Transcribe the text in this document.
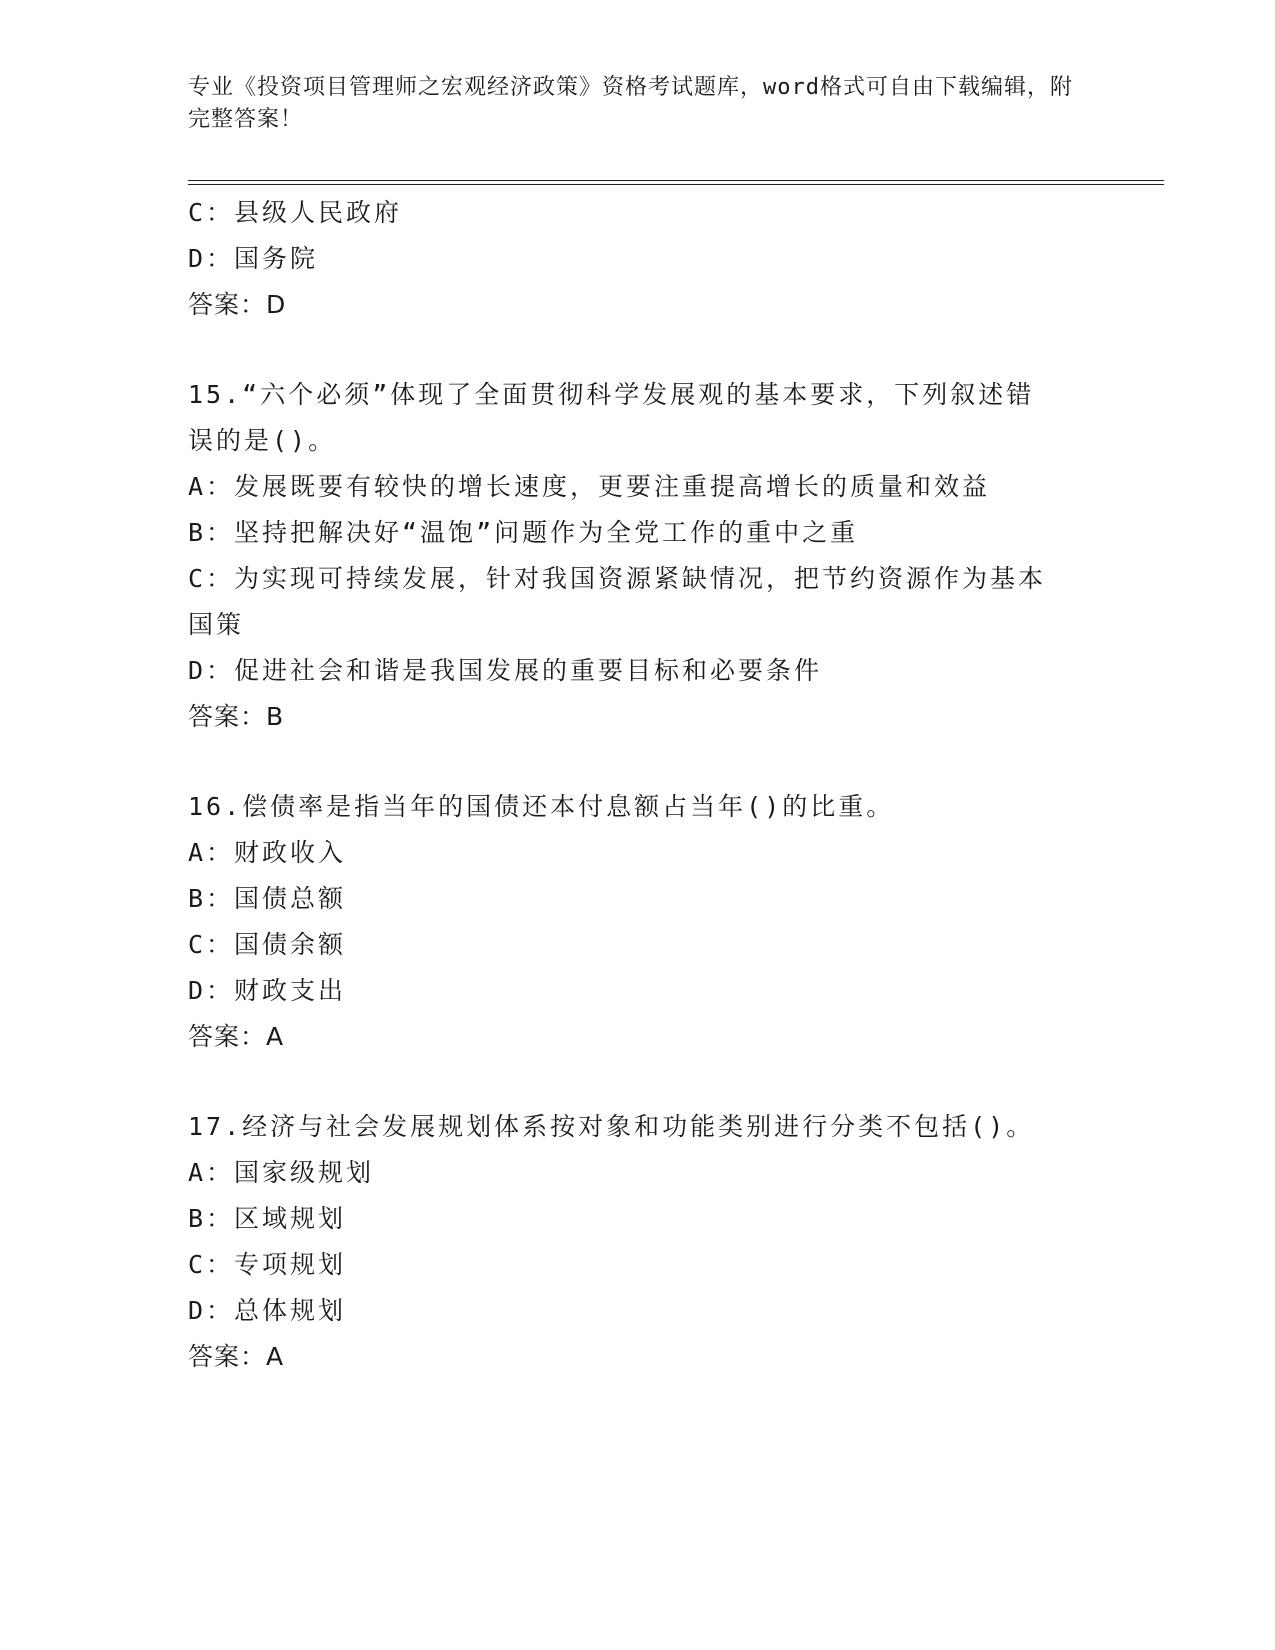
专业《投资项目管理师之宏观经济政策》资格考试题库，word格式可自由下载编辑，附完整答案！
C：县级人民政府
D：国务院
答案：D
15.“六个必须”体现了全面贯彻科学发展观的基本要求，下列叙述错
误的是()。
A：发展既要有较快的增长速度，更要注重提高增长的质量和效益
B：坚持把解决好“温饱”问题作为全党工作的重中之重
C：为实现可持续发展，针对我国资源紧缺情况，把节约资源作为基本
国策
D：促进社会和谐是我国发展的重要目标和必要条件
答案：B
16.偿债率是指当年的国债还本付息额占当年()的比重。
A：财政收入
B：国债总额
C：国债余额
D：财政支出
答案：A
17.经济与社会发展规划体系按对象和功能类别进行分类不包括()。
A：国家级规划
B：区域规划
C：专项规划
D：总体规划
答案：A
